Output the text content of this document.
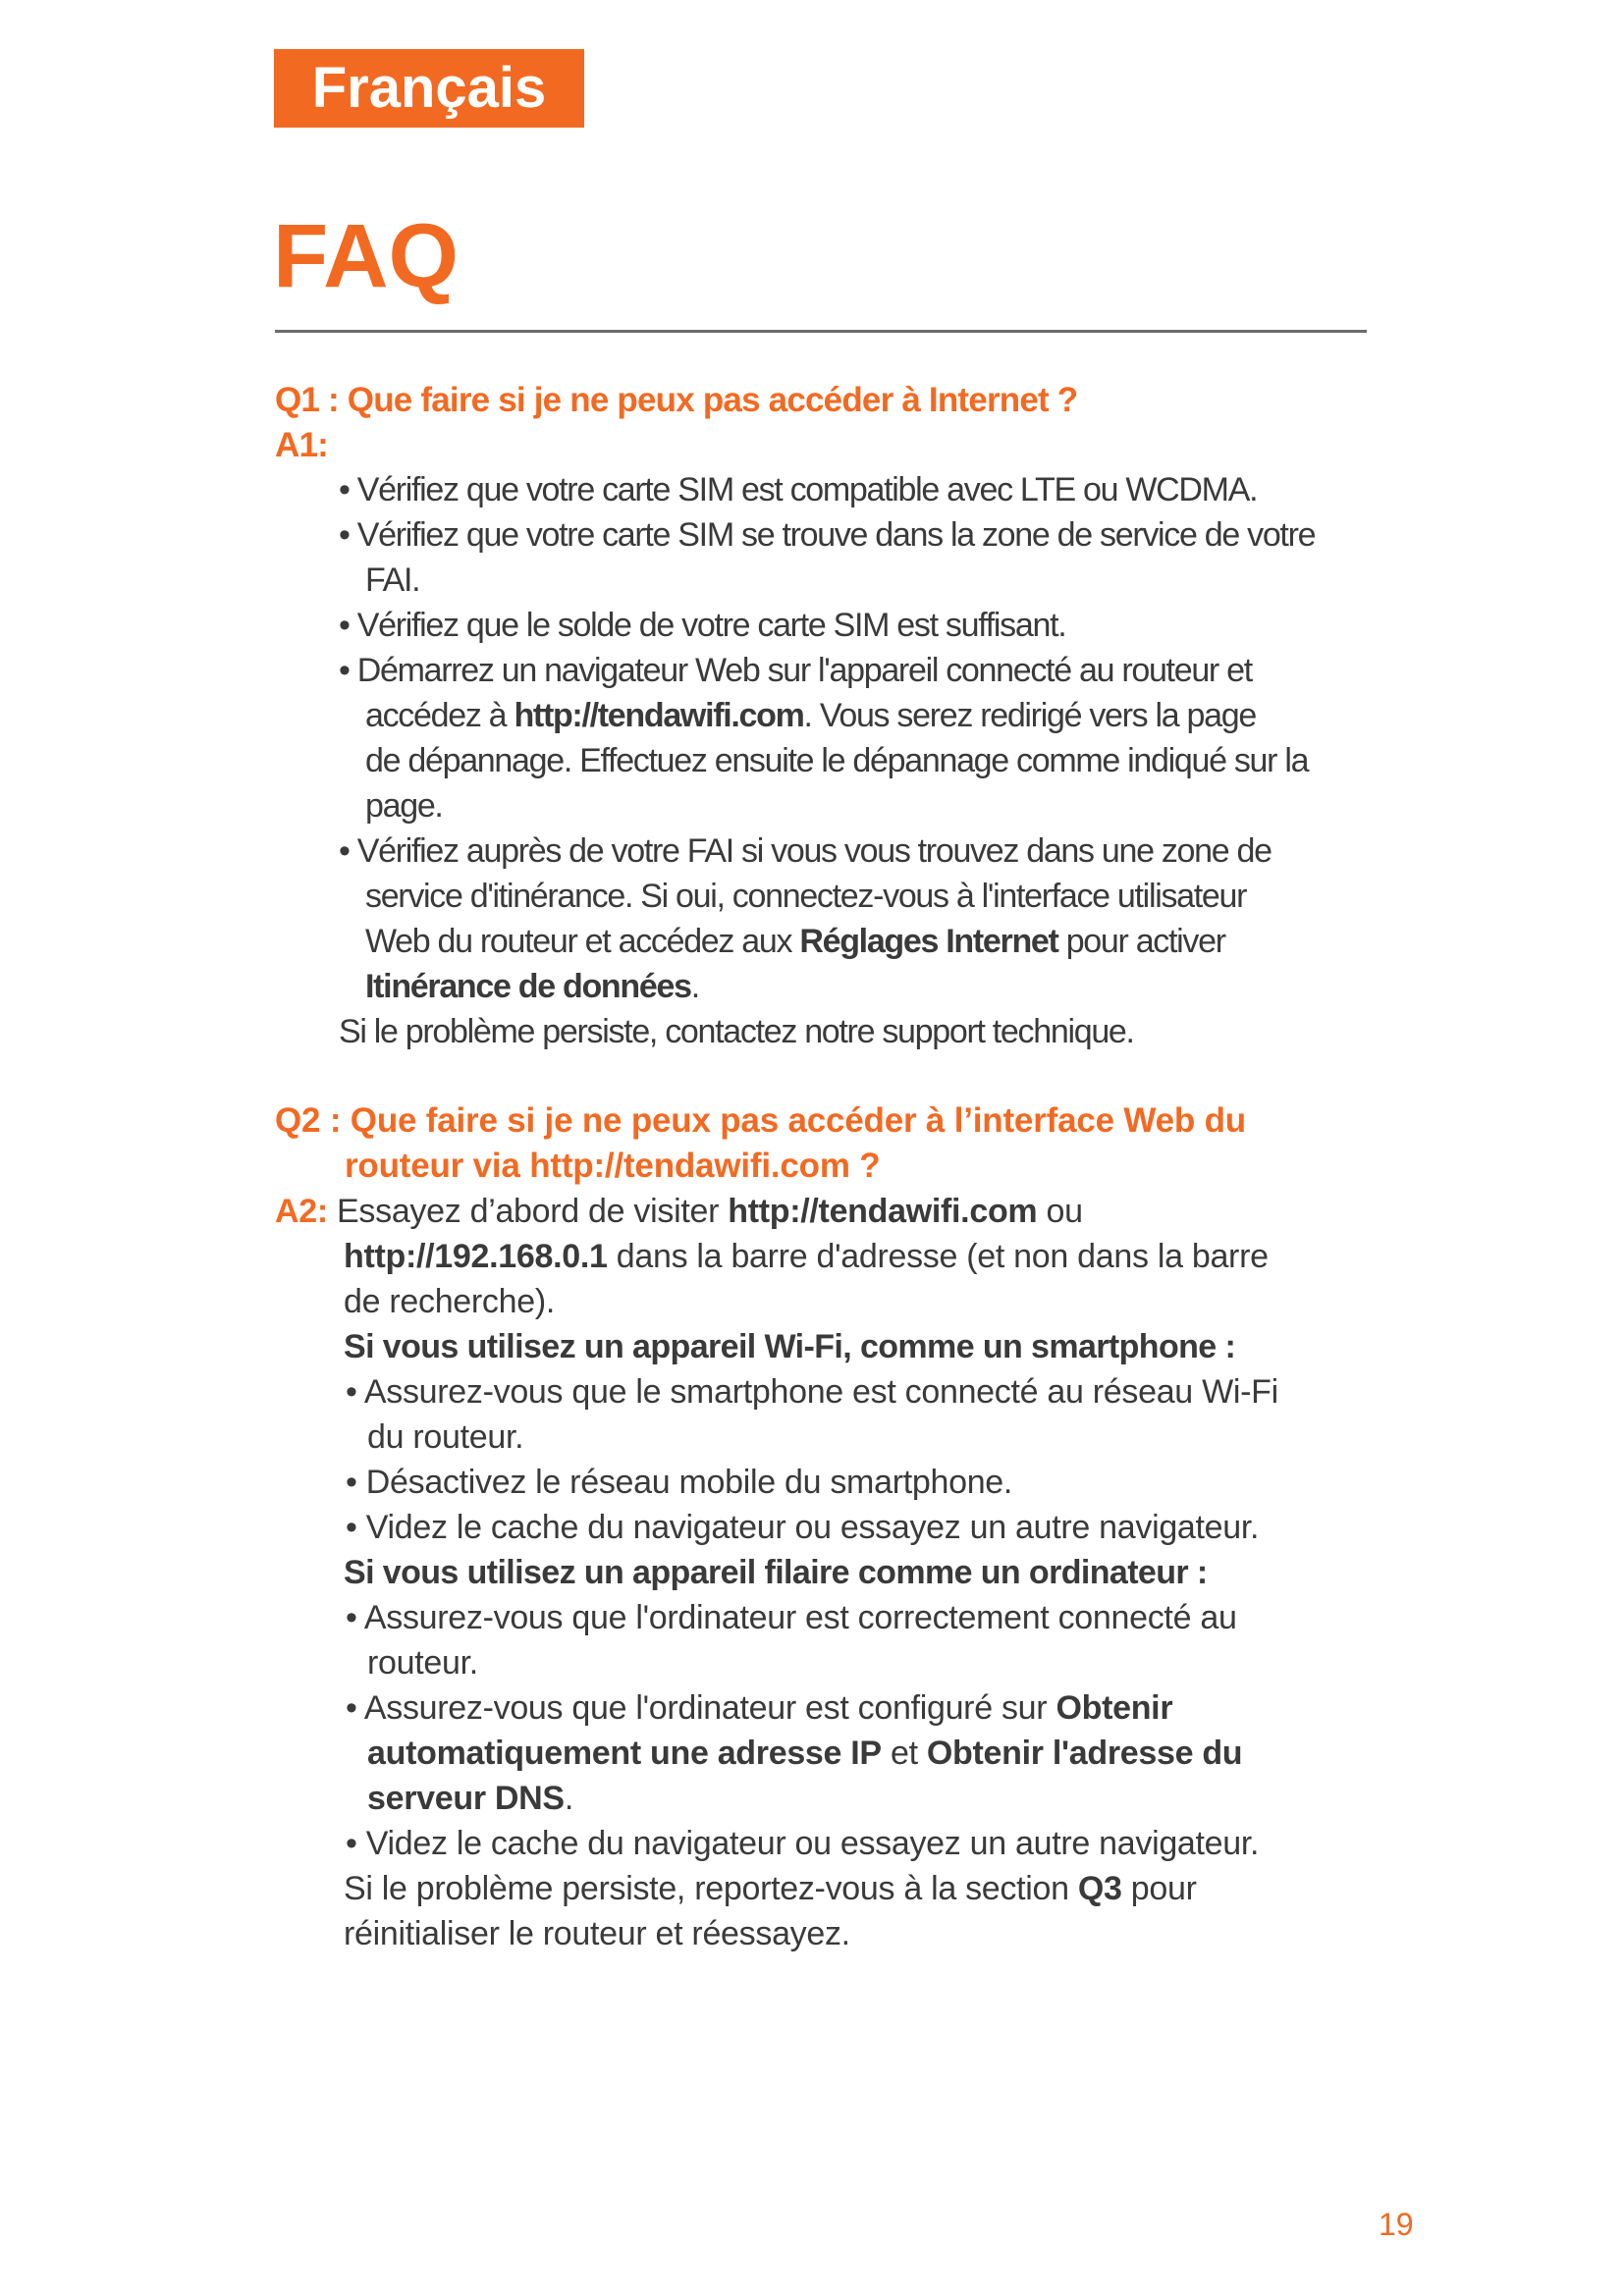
Français
FAQ
Q1 : Que faire si je ne peux pas accéder à Internet ?
A1:
• Vérifiez que votre carte SIM est compatible avec LTE ou WCDMA.
• Vérifiez que votre carte SIM se trouve dans la zone de service de votre
FAI.
• Vérifiez que le solde de votre carte SIM est suffisant.
• Démarrez un navigateur Web sur l'appareil connecté au routeur et
accédez à http://tendawifi.com. Vous serez redirigé vers la page
de dépannage. Effectuez ensuite le dépannage comme indiqué sur la
page.
• Vérifiez auprès de votre FAI si vous vous trouvez dans une zone de
service d'itinérance. Si oui, connectez-vous à l'interface utilisateur
Web du routeur et accédez aux Réglages Internet pour activer
Itinérance de données.
Si le problème persiste, contactez notre support technique.
Q2 : Que faire si je ne peux pas accéder à l’interface Web du
routeur via http://tendawifi.com ?
A2: Essayez d’abord de visiter http://tendawifi.com ou
http://192.168.0.1 dans la barre d'adresse (et non dans la barre
de recherche).
Si vous utilisez un appareil Wi-Fi, comme un smartphone :
• Assurez-vous que le smartphone est connecté au réseau Wi-Fi
du routeur.
• Désactivez le réseau mobile du smartphone.
• Videz le cache du navigateur ou essayez un autre navigateur.
Si vous utilisez un appareil filaire comme un ordinateur :
• Assurez-vous que l'ordinateur est correctement connecté au
routeur.
• Assurez-vous que l'ordinateur est configuré sur Obtenir
automatiquement une adresse IP et Obtenir l'adresse du
serveur DNS.
• Videz le cache du navigateur ou essayez un autre navigateur.
Si le problème persiste, reportez-vous à la section Q3 pour
réinitialiser le routeur et réessayez.
19
